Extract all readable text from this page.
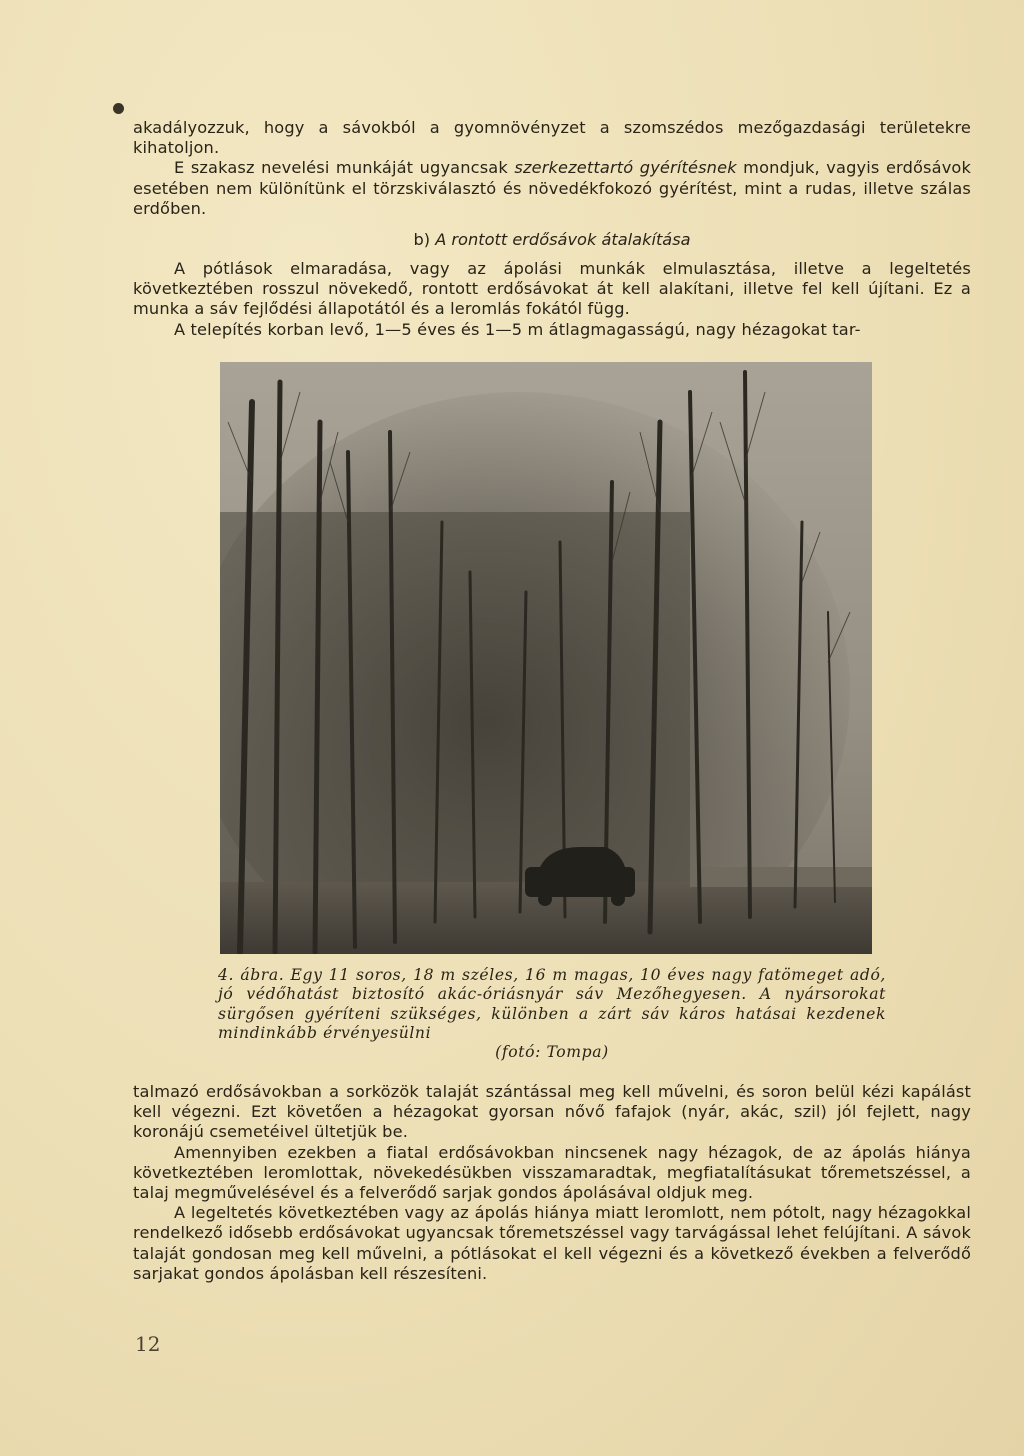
akadályozzuk, hogy a sávokból a gyomnövényzet a szomszédos mezőgazdasági területekre kihatoljon.

E szakasz nevelési munkáját ugyancsak szerkezettartó gyérítésnek mondjuk, vagyis erdősávok esetében nem különítünk el törzskiválasztó és növedékfokozó gyérítést, mint a rudas, illetve szálas erdőben.

b) A rontott erdősávok átalakítása

A pótlások elmaradása, vagy az ápolási munkák elmulasztása, illetve a legeltetés következtében rosszul növekedő, rontott erdősávokat át kell alakítani, illetve fel kell újítani. Ez a munka a sáv fejlődési állapotától és a leromlás fokától függ.

A telepítés korban levő, 1—5 éves és 1—5 m átlagmagasságú, nagy hézagokat tar-

4. ábra. Egy 11 soros, 18 m széles, 16 m magas, 10 éves nagy fatömeget adó, jó védőhatást biztosító akác-óriásnyár sáv Mezőhegyesen. A nyársorokat sürgősen gyéríteni szükséges, különben a zárt sáv káros hatásai kezdenek mindinkább érvényesülni
(fotó: Tompa)

talmazó erdősávokban a sorközök talaját szántással meg kell művelni, és soron belül kézi kapálást kell végezni. Ezt követően a hézagokat gyorsan nővő fafajok (nyár, akác, szil) jól fejlett, nagy koronájú csemetéivel ültetjük be.

Amennyiben ezekben a fiatal erdősávokban nincsenek nagy hézagok, de az ápolás hiánya következtében leromlottak, növekedésükben visszamaradtak, megfiatalításukat tőremetszéssel, a talaj megművelésével és a felverődő sarjak gondos ápolásával oldjuk meg.

A legeltetés következtében vagy az ápolás hiánya miatt leromlott, nem pótolt, nagy hézagokkal rendelkező idősebb erdősávokat ugyancsak tőremetszéssel vagy tarvágással lehet felújítani. A sávok talaját gondosan meg kell művelni, a pótlásokat el kell végezni és a következő években a felverődő sarjakat gondos ápolásban kell részesíteni.

12
